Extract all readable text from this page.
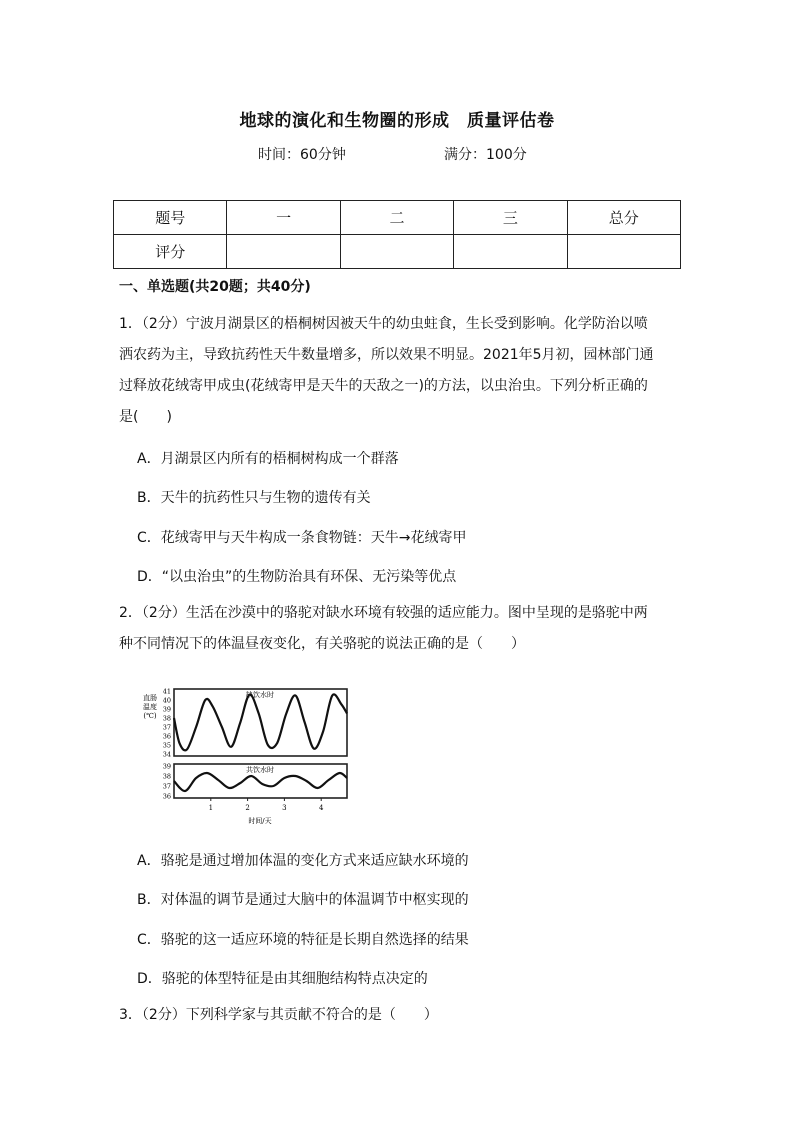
地球的演化和生物圈的形成　质量评估卷
时间：60分钟	满分：100分
题号	一	二	三	总分
评分				
一、单选题(共20题；共40分)
1．（2分）宁波月湖景区的梧桐树因被天牛的幼虫蛀食，生长受到影响。化学防治以喷
洒农药为主，导致抗药性天牛数量增多，所以效果不明显。2021年5月初，园林部门通
过释放花绒寄甲成虫(花绒寄甲是天牛的天敌之一)的方法，以虫治虫。下列分析正确的
是(　　)
A．月湖景区内所有的梧桐树构成一个群落
B．天牛的抗药性只与生物的遗传有关
C．花绒寄甲与天牛构成一条食物链：天牛→花绒寄甲
D．“以虫治虫”的生物防治具有环保、无污染等优点
2．（2分）生活在沙漠中的骆驼对缺水环境有较强的适应能力。图中呈现的是骆驼中两
种不同情况下的体温昼夜变化，有关骆驼的说法正确的是（　　）
直肠温度(℃)
缺饮水时
共饮水时
时间/天
41
40
39
38
37
36
35
34
39
38
37
36
1	2	3	4
A．骆驼是通过增加体温的变化方式来适应缺水环境的
B．对体温的调节是通过大脑中的体温调节中枢实现的
C．骆驼的这一适应环境的特征是长期自然选择的结果
D．骆驼的体型特征是由其细胞结构特点决定的
3．（2分）下列科学家与其贡献不符合的是（　　）
